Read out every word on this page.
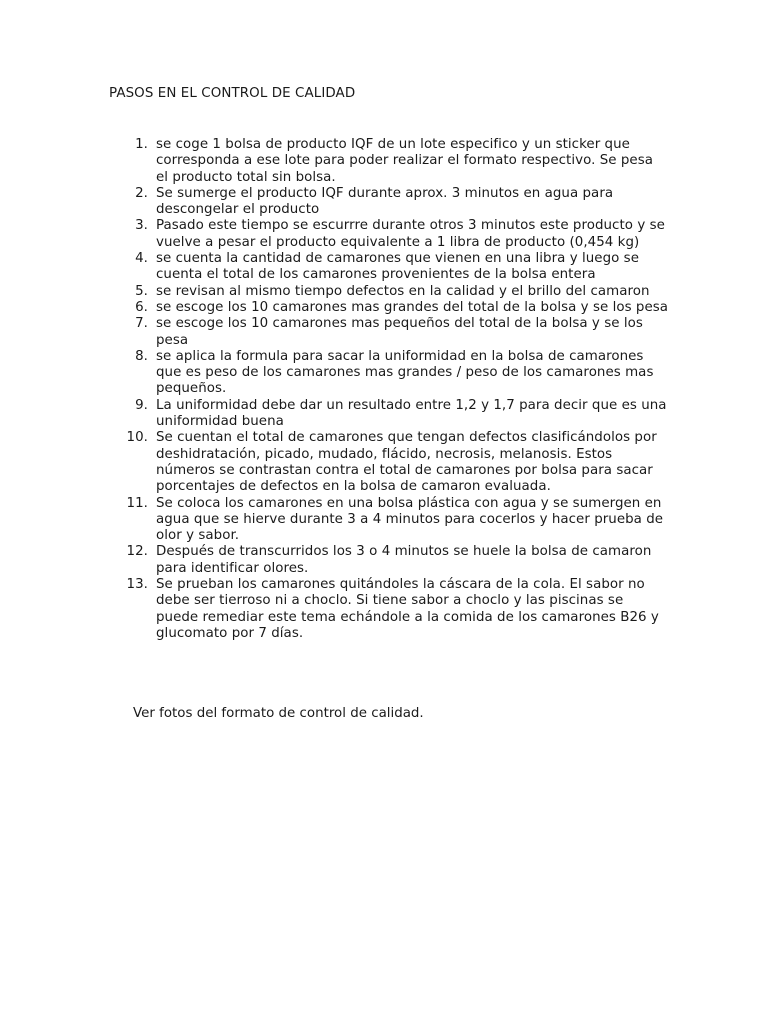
PASOS EN EL CONTROL DE CALIDAD
1. se coge 1 bolsa de producto IQF de un lote especifico y un sticker que corresponda a ese lote para poder realizar el formato respectivo. Se pesa el producto total sin bolsa.
2. Se sumerge el producto IQF durante aprox. 3 minutos en agua para descongelar el producto
3. Pasado este tiempo se escurrre durante otros 3 minutos este producto y se vuelve a pesar el producto equivalente a 1 libra de producto (0,454 kg)
4. se cuenta la cantidad de camarones que vienen en una libra y luego se cuenta el total de los camarones provenientes de la bolsa entera
5. se revisan al mismo tiempo defectos en la calidad y el brillo del camaron
6. se escoge los 10 camarones mas grandes del total de la bolsa y se los pesa
7. se escoge los 10 camarones mas pequeños del total de la bolsa y se los pesa
8. se aplica la formula para sacar la uniformidad en la bolsa de camarones que es peso de los camarones mas grandes / peso de los camarones mas pequeños.
9. La uniformidad debe dar un resultado entre 1,2 y 1,7 para decir que es una uniformidad buena
10. Se cuentan el total de camarones que tengan defectos clasificándolos por deshidratación, picado, mudado, flácido, necrosis, melanosis. Estos números se contrastan contra el total de camarones por bolsa para sacar porcentajes de defectos en la bolsa de camaron evaluada.
11. Se coloca los camarones en una bolsa plástica con agua y se sumergen en agua que se hierve durante 3 a 4 minutos para cocerlos y hacer prueba de olor y sabor.
12. Después de transcurridos los 3 o 4 minutos se huele la bolsa de camaron para identificar olores.
13. Se prueban los camarones quitándoles la cáscara de la cola. El sabor no debe ser tierroso ni a choclo. Si tiene sabor a choclo y las piscinas se puede remediar este tema echándole a la comida de los camarones B26 y glucomato por 7 días.

Ver fotos del formato de control de calidad.
